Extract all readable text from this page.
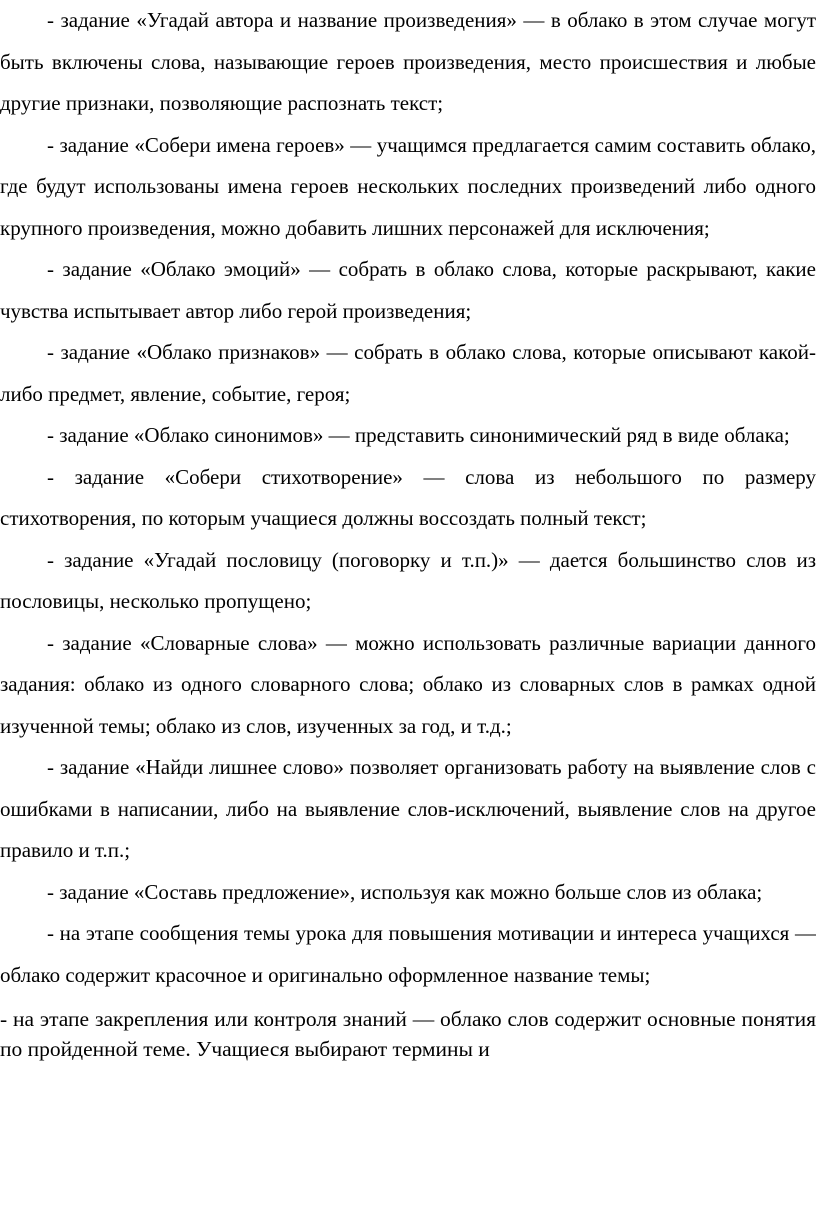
- задание «Угадай автора и название произведения» — в облако в этом случае могут быть включены слова, называющие героев произведения, место происшествия и любые другие признаки, позволяющие распознать текст;

- задание «Собери имена героев» — учащимся предлагается самим составить облако, где будут использованы имена героев нескольких последних произведений либо одного крупного произведения, можно добавить лишних персонажей для исключения;

- задание «Облако эмоций» — собрать в облако слова, которые раскрывают, какие чувства испытывает автор либо герой произведения;

- задание «Облако признаков» — собрать в облако слова, которые описывают какой-либо предмет, явление, событие, героя;

- задание «Облако синонимов» — представить синонимический ряд в виде облака;

- задание «Собери стихотворение» — слова из небольшого по размеру стихотворения, по которым учащиеся должны воссоздать полный текст;

- задание «Угадай пословицу (поговорку и т.п.)» — дается большинство слов из пословицы, несколько пропущено;

- задание «Словарные слова» — можно использовать различные вариации данного задания: облако из одного словарного слова; облако из словарных слов в рамках одной изученной темы; облако из слов, изученных за год, и т.д.;

- задание «Найди лишнее слово» позволяет организовать работу на выявление слов с ошибками в написании, либо на выявление слов-исключений, выявление слов на другое правило и т.п.;

- задание «Составь предложение», используя как можно больше слов из облака;

- на этапе сообщения темы урока для повышения мотивации и интереса учащихся — облако содержит красочное и оригинально оформленное название темы;

- на этапе закрепления или контроля знаний — облако слов содержит основные понятия по пройденной теме. Учащиеся выбирают термины и
